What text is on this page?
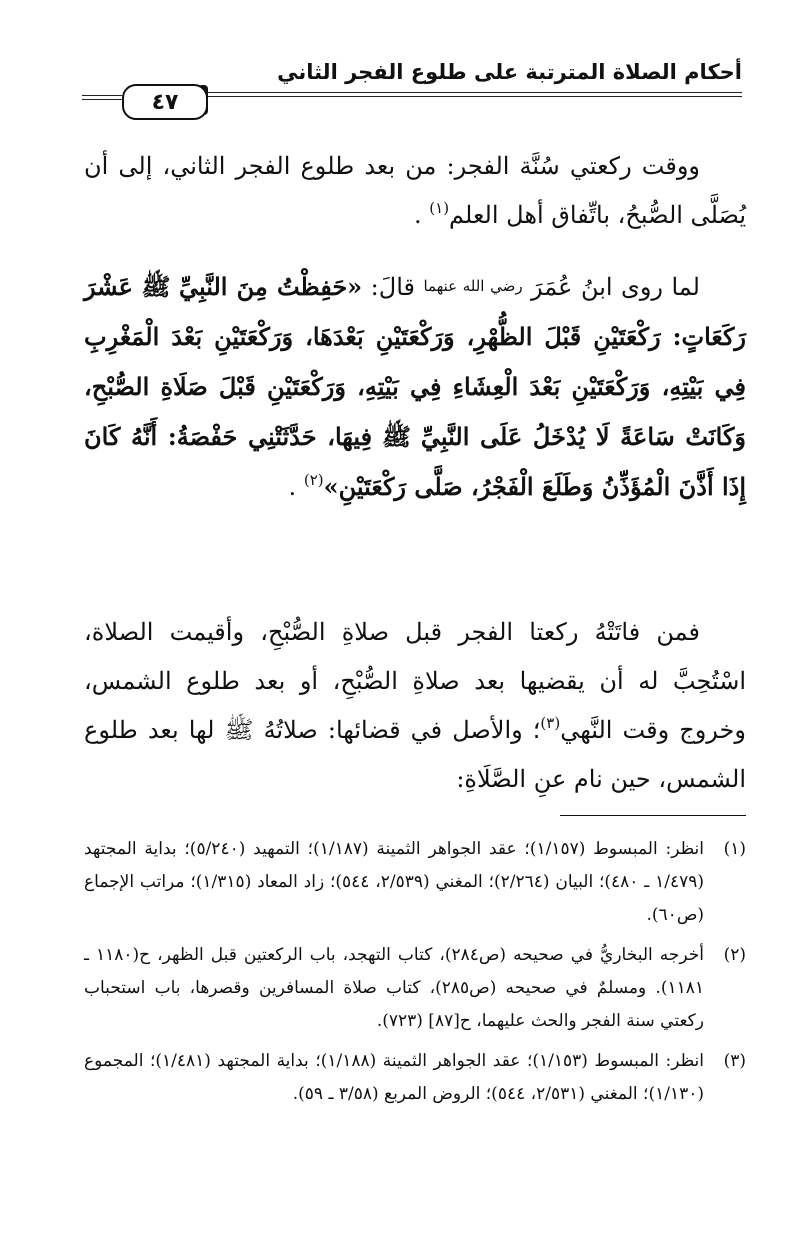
أحكام الصلاة المترتبة على طلوع الفجر الثاني
٤٧
ووقت ركعتي سُنَّة الفجر: من بعد طلوع الفجر الثاني، إلى أن يُصَلَّى الصُّبحُ، باتِّفاق أهل العلم$^{(١)}$ .
لما روى ابنُ عُمَرَ رضي الله عنهما قالَ: «حَفِظْتُ مِنَ النَّبِيِّ ﷺ عَشْرَ رَكَعَاتٍ: رَكْعَتَيْنِ قَبْلَ الظُّهْرِ، وَرَكْعَتَيْنِ بَعْدَهَا، وَرَكْعَتَيْنِ بَعْدَ الْمَغْرِبِ فِي بَيْتِهِ، وَرَكْعَتَيْنِ بَعْدَ الْعِشَاءِ فِي بَيْتِهِ، وَرَكْعَتَيْنِ قَبْلَ صَلَاةِ الصُّبْحِ، وَكَانَتْ سَاعَةً لَا يُدْخَلُ عَلَى النَّبِيِّ ﷺ فِيهَا، حَدَّثَتْنِي حَفْصَةُ: أَنَّهُ كَانَ إِذَا أَذَّنَ الْمُؤَذِّنُ وَطَلَعَ الْفَجْرُ، صَلَّى رَكْعَتَيْنِ»$^{(٢)}$ .
فمن فاتَتْهُ ركعتا الفجر قبل صلاةِ الصُّبْحِ، وأقيمت الصلاة، اسْتُحِبَّ له أن يقضيها بعد صلاةِ الصُّبْحِ، أو بعد طلوع الشمس، وخروج وقت النَّهي$^{(٣)}$؛ والأصل في قضائها: صلاتُهُ ﷺ لها بعد طلوع الشمس، حين نام عنِ الصَّلَاةِ:
(١)
انظر: المبسوط (١/١٥٧)؛ عقد الجواهر الثمينة (١/١٨٧)؛ التمهيد (٥/٢٤٠)؛ بداية المجتهد (١/٤٧٩ ـ ٤٨٠)؛ البيان (٢/٢٦٤)؛ المغني (٢/٥٣٩، ٥٤٤)؛ زاد المعاد (١/٣١٥)؛ مراتب الإجماع (ص٦٠).
(٢)
أخرجه البخاريُّ في صحيحه (ص٢٨٤)، كتاب التهجد، باب الركعتين قبل الظهر، ح(١١٨٠ ـ ١١٨١). ومسلمٌ في صحيحه (ص٢٨٥)، كتاب صلاة المسافرين وقصرها، باب استحباب ركعتي سنة الفجر والحث عليهما، ح[٨٧] (٧٢٣).
(٣)
انظر: المبسوط (١/١٥٣)؛ عقد الجواهر الثمينة (١/١٨٨)؛ بداية المجتهد (١/٤٨١)؛ المجموع (١/١٣٠)؛ المغني (٢/٥٣١، ٥٤٤)؛ الروض المربع (٣/٥٨ ـ ٥٩).
